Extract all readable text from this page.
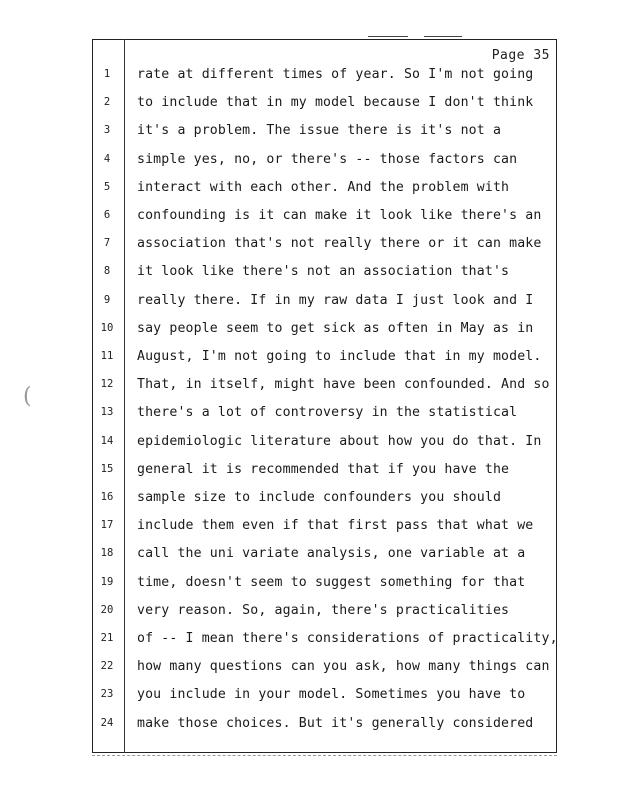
Page 35
1	rate at different times of year. So I'm not going
2	to include that in my model because I don't think
3	it's a problem. The issue there is it's not a
4	simple yes, no, or there's -- those factors can
5	interact with each other. And the problem with
6	confounding is it can make it look like there's an
7	association that's not really there or it can make
8	it look like there's not an association that's
9	really there. If in my raw data I just look and I
10	say people seem to get sick as often in May as in
11	August, I'm not going to include that in my model.
12	That, in itself, might have been confounded. And so
13	there's a lot of controversy in the statistical
14	epidemiologic literature about how you do that. In
15	general it is recommended that if you have the
16	sample size to include confounders you should
17	include them even if that first pass that what we
18	call the uni variate analysis, one variable at a
19	time, doesn't seem to suggest something for that
20	very reason. So, again, there's practicalities
21	of -- I mean there's considerations of practicality,
22	how many questions can you ask, how many things can
23	you include in your model. Sometimes you have to
24	make those choices. But it's generally considered
(
